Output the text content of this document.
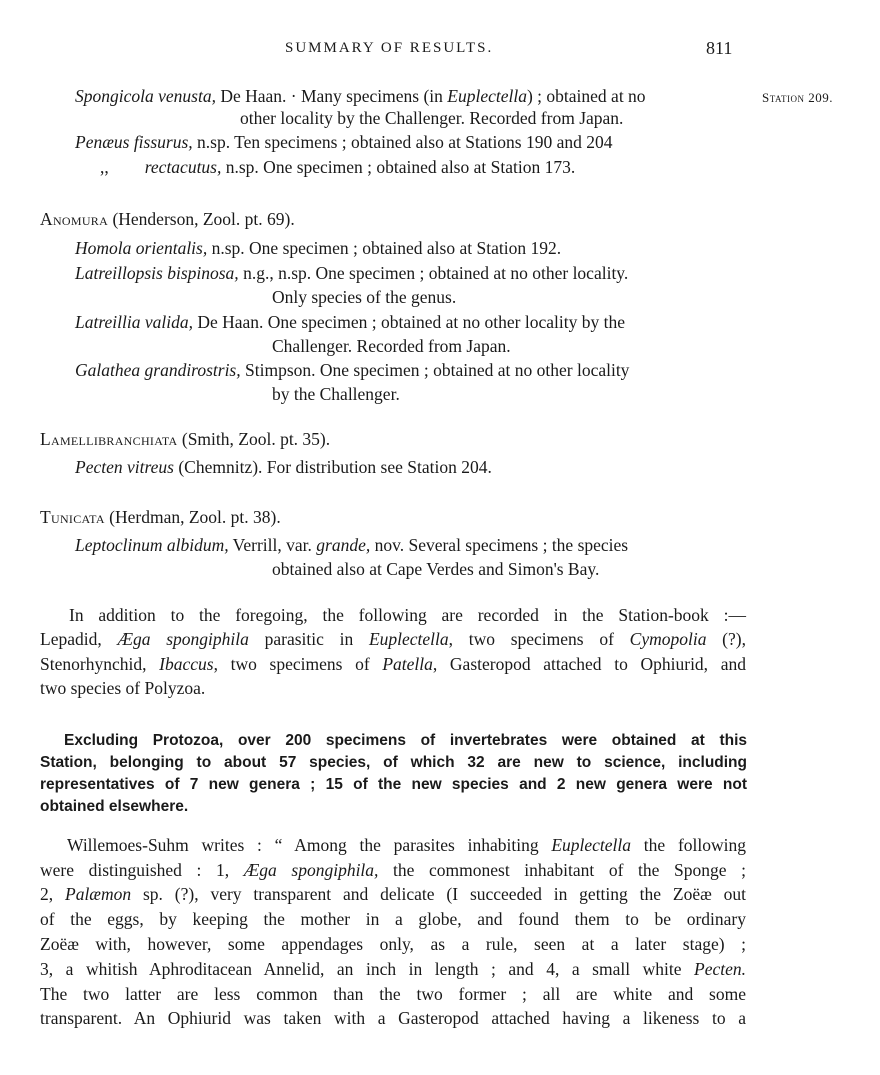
SUMMARY OF RESULTS.	811
Station 209.
Spongicola venusta, De Haan. · Many specimens (in Euplectella) ; obtained at no
other locality by the Challenger. Recorded from Japan.
Penæus fissurus, n.sp. Ten specimens ; obtained also at Stations 190 and 204
,, rectacutus, n.sp. One specimen ; obtained also at Station 173.
Anomura (Henderson, Zool. pt. 69).
Homola orientalis, n.sp. One specimen ; obtained also at Station 192.
Latreillopsis bispinosa, n.g., n.sp. One specimen ; obtained at no other locality.
Only species of the genus.
Latreillia valida, De Haan. One specimen ; obtained at no other locality by the
Challenger. Recorded from Japan.
Galathea grandirostris, Stimpson. One specimen ; obtained at no other locality
by the Challenger.
Lamellibranchiata (Smith, Zool. pt. 35).
Pecten vitreus (Chemnitz). For distribution see Station 204.
Tunicata (Herdman, Zool. pt. 38).
Leptoclinum albidum, Verrill, var. grande, nov. Several specimens ; the species
obtained also at Cape Verdes and Simon's Bay.
In addition to the foregoing, the following are recorded in the Station-book :—
Lepadid, Æga spongiphila parasitic in Euplectella, two specimens of Cymopolia (?),
Stenorhynchid, Ibaccus, two specimens of Patella, Gasteropod attached to Ophiurid, and
two species of Polyzoa.
Excluding Protozoa, over 200 specimens of invertebrates were obtained at this
Station, belonging to about 57 species, of which 32 are new to science, including
representatives of 7 new genera ; 15 of the new species and 2 new genera were not
obtained elsewhere.
Willemoes-Suhm writes : “ Among the parasites inhabiting Euplectella the following
were distinguished : 1, Æga spongiphila, the commonest inhabitant of the Sponge ;
2, Palæmon sp. (?), very transparent and delicate (I succeeded in getting the Zoëæ out
of the eggs, by keeping the mother in a globe, and found them to be ordinary
Zoëæ with, however, some appendages only, as a rule, seen at a later stage) ;
3, a whitish Aphroditacean Annelid, an inch in length ; and 4, a small white Pecten.
The two latter are less common than the two former ; all are white and some
transparent. An Ophiurid was taken with a Gasteropod attached having a likeness to a
